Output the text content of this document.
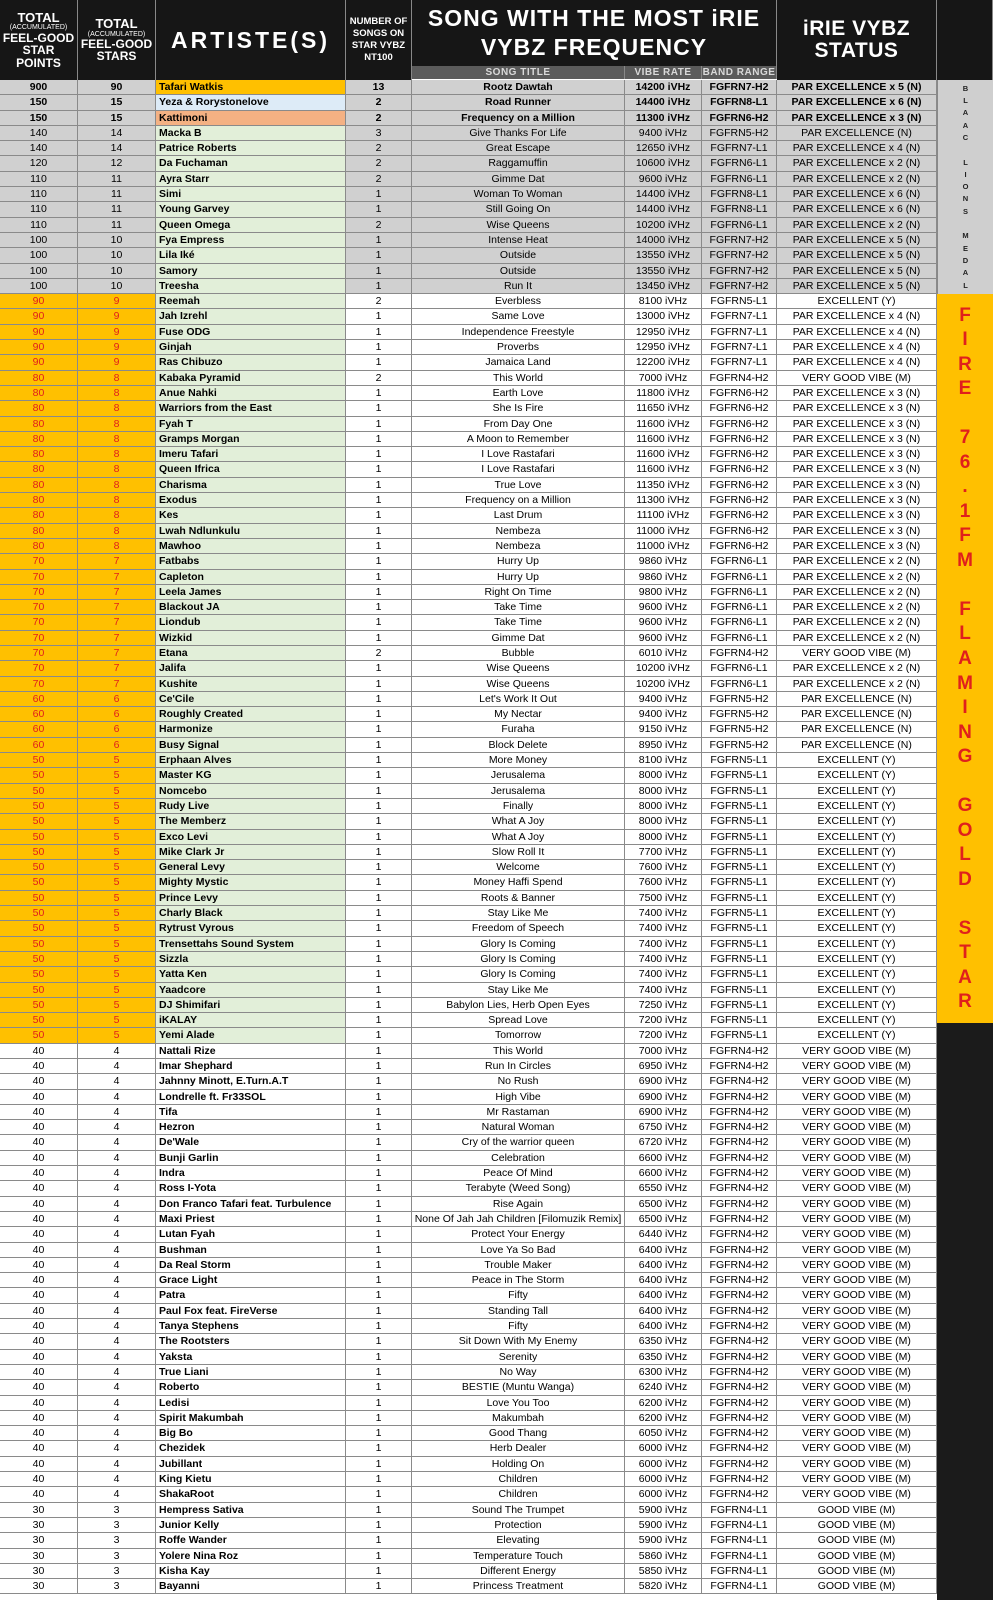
TOTAL
(ACCUMULATED)
FEEL-GOOD
STAR POINTS
TOTAL
(ACCUMULATED)
FEEL-GOOD
STARS
ARTISTE(S)
NUMBER OF
SONGS ON
STAR VYBZ
NT100
SONG WITH THE MOST iRIE
VYBZ FREQUENCY
SONG TITLE	VIBE RATE	BAND RANGE
iRIE VYBZ STATUS
900	90	Tafari Watkis	13	Rootz Dawtah	14200 iVHz	FGFRN7-H2	PAR EXCELLENCE x 5 (N)
150	15	Yeza & Rorystonelove	2	Road Runner	14400 iVHz	FGFRN8-L1	PAR EXCELLENCE x 6 (N)
150	15	Kattimoni	2	Frequency on a Million	11300 iVHz	FGFRN6-H2	PAR EXCELLENCE x 3 (N)
140	14	Macka B	3	Give Thanks For Life	9400 iVHz	FGFRN5-H2	PAR EXCELLENCE (N)
140	14	Patrice Roberts	2	Great Escape	12650 iVHz	FGFRN7-L1	PAR EXCELLENCE x 4 (N)
120	12	Da Fuchaman	2	Raggamuffin	10600 iVHz	FGFRN6-L1	PAR EXCELLENCE x 2 (N)
110	11	Ayra Starr	2	Gimme Dat	9600 iVHz	FGFRN6-L1	PAR EXCELLENCE x 2 (N)
110	11	Simi	1	Woman To Woman	14400 iVHz	FGFRN8-L1	PAR EXCELLENCE x 6 (N)
110	11	Young Garvey	1	Still Going On	14400 iVHz	FGFRN8-L1	PAR EXCELLENCE x 6 (N)
110	11	Queen Omega	2	Wise Queens	10200 iVHz	FGFRN6-L1	PAR EXCELLENCE x 2 (N)
100	10	Fya Empress	1	Intense Heat	14000 iVHz	FGFRN7-H2	PAR EXCELLENCE x 5 (N)
100	10	Lila Iké	1	Outside	13550 iVHz	FGFRN7-H2	PAR EXCELLENCE x 5 (N)
100	10	Samory	1	Outside	13550 iVHz	FGFRN7-H2	PAR EXCELLENCE x 5 (N)
100	10	Treesha	1	Run It	13450 iVHz	FGFRN7-H2	PAR EXCELLENCE x 5 (N)
90	9	Reemah	2	Everbless	8100 iVHz	FGFRN5-L1	EXCELLENT (Y)
90	9	Jah Izrehl	1	Same Love	13000 iVHz	FGFRN7-L1	PAR EXCELLENCE x 4 (N)
90	9	Fuse ODG	1	Independence Freestyle	12950 iVHz	FGFRN7-L1	PAR EXCELLENCE x 4 (N)
90	9	Ginjah	1	Proverbs	12950 iVHz	FGFRN7-L1	PAR EXCELLENCE x 4 (N)
90	9	Ras Chibuzo	1	Jamaica Land	12200 iVHz	FGFRN7-L1	PAR EXCELLENCE x 4 (N)
80	8	Kabaka Pyramid	2	This World	7000 iVHz	FGFRN4-H2	VERY GOOD VIBE (M)
80	8	Anue Nahki	1	Earth Love	11800 iVHz	FGFRN6-H2	PAR EXCELLENCE x 3 (N)
80	8	Warriors from the East	1	She Is Fire	11650 iVHz	FGFRN6-H2	PAR EXCELLENCE x 3 (N)
80	8	Fyah T	1	From Day One	11600 iVHz	FGFRN6-H2	PAR EXCELLENCE x 3 (N)
80	8	Gramps Morgan	1	A Moon to Remember	11600 iVHz	FGFRN6-H2	PAR EXCELLENCE x 3 (N)
80	8	Imeru Tafari	1	I Love Rastafari	11600 iVHz	FGFRN6-H2	PAR EXCELLENCE x 3 (N)
80	8	Queen Ifrica	1	I Love Rastafari	11600 iVHz	FGFRN6-H2	PAR EXCELLENCE x 3 (N)
80	8	Charisma	1	True Love	11350 iVHz	FGFRN6-H2	PAR EXCELLENCE x 3 (N)
80	8	Exodus	1	Frequency on a Million	11300 iVHz	FGFRN6-H2	PAR EXCELLENCE x 3 (N)
80	8	Kes	1	Last Drum	11100 iVHz	FGFRN6-H2	PAR EXCELLENCE x 3 (N)
80	8	Lwah Ndlunkulu	1	Nembeza	11000 iVHz	FGFRN6-H2	PAR EXCELLENCE x 3 (N)
80	8	Mawhoo	1	Nembeza	11000 iVHz	FGFRN6-H2	PAR EXCELLENCE x 3 (N)
70	7	Fatbabs	1	Hurry Up	9860 iVHz	FGFRN6-L1	PAR EXCELLENCE x 2 (N)
70	7	Capleton	1	Hurry Up	9860 iVHz	FGFRN6-L1	PAR EXCELLENCE x 2 (N)
70	7	Leela James	1	Right On Time	9800 iVHz	FGFRN6-L1	PAR EXCELLENCE x 2 (N)
70	7	Blackout JA	1	Take Time	9600 iVHz	FGFRN6-L1	PAR EXCELLENCE x 2 (N)
70	7	Liondub	1	Take Time	9600 iVHz	FGFRN6-L1	PAR EXCELLENCE x 2 (N)
70	7	Wizkid	1	Gimme Dat	9600 iVHz	FGFRN6-L1	PAR EXCELLENCE x 2 (N)
70	7	Etana	2	Bubble	6010 iVHz	FGFRN4-H2	VERY GOOD VIBE (M)
70	7	Jalifa	1	Wise Queens	10200 iVHz	FGFRN6-L1	PAR EXCELLENCE x 2 (N)
70	7	Kushite	1	Wise Queens	10200 iVHz	FGFRN6-L1	PAR EXCELLENCE x 2 (N)
60	6	Ce'Cile	1	Let's Work It Out	9400 iVHz	FGFRN5-H2	PAR EXCELLENCE (N)
60	6	Roughly Created	1	My Nectar	9400 iVHz	FGFRN5-H2	PAR EXCELLENCE (N)
60	6	Harmonize	1	Furaha	9150 iVHz	FGFRN5-H2	PAR EXCELLENCE (N)
60	6	Busy Signal	1	Block Delete	8950 iVHz	FGFRN5-H2	PAR EXCELLENCE (N)
50	5	Erphaan Alves	1	More Money	8100 iVHz	FGFRN5-L1	EXCELLENT (Y)
50	5	Master KG	1	Jerusalema	8000 iVHz	FGFRN5-L1	EXCELLENT (Y)
50	5	Nomcebo	1	Jerusalema	8000 iVHz	FGFRN5-L1	EXCELLENT (Y)
50	5	Rudy Live	1	Finally	8000 iVHz	FGFRN5-L1	EXCELLENT (Y)
50	5	The Memberz	1	What A Joy	8000 iVHz	FGFRN5-L1	EXCELLENT (Y)
50	5	Exco Levi	1	What A Joy	8000 iVHz	FGFRN5-L1	EXCELLENT (Y)
50	5	Mike Clark Jr	1	Slow Roll It	7700 iVHz	FGFRN5-L1	EXCELLENT (Y)
50	5	General Levy	1	Welcome	7600 iVHz	FGFRN5-L1	EXCELLENT (Y)
50	5	Mighty Mystic	1	Money Haffi Spend	7600 iVHz	FGFRN5-L1	EXCELLENT (Y)
50	5	Prince Levy	1	Roots & Banner	7500 iVHz	FGFRN5-L1	EXCELLENT (Y)
50	5	Charly Black	1	Stay Like Me	7400 iVHz	FGFRN5-L1	EXCELLENT (Y)
50	5	Rytrust Vyrous	1	Freedom of Speech	7400 iVHz	FGFRN5-L1	EXCELLENT (Y)
50	5	Trensettahs Sound System	1	Glory Is Coming	7400 iVHz	FGFRN5-L1	EXCELLENT (Y)
50	5	Sizzla	1	Glory Is Coming	7400 iVHz	FGFRN5-L1	EXCELLENT (Y)
50	5	Yatta Ken	1	Glory Is Coming	7400 iVHz	FGFRN5-L1	EXCELLENT (Y)
50	5	Yaadcore	1	Stay Like Me	7400 iVHz	FGFRN5-L1	EXCELLENT (Y)
50	5	DJ Shimifari	1	Babylon Lies, Herb Open Eyes	7250 iVHz	FGFRN5-L1	EXCELLENT (Y)
50	5	iKALAY	1	Spread Love	7200 iVHz	FGFRN5-L1	EXCELLENT (Y)
50	5	Yemi Alade	1	Tomorrow	7200 iVHz	FGFRN5-L1	EXCELLENT (Y)
40	4	Nattali Rize	1	This World	7000 iVHz	FGFRN4-H2	VERY GOOD VIBE (M)
40	4	Imar Shephard	1	Run In Circles	6950 iVHz	FGFRN4-H2	VERY GOOD VIBE (M)
40	4	Jahnny Minott, E.Turn.A.T	1	No Rush	6900 iVHz	FGFRN4-H2	VERY GOOD VIBE (M)
40	4	Londrelle ft. Fr33SOL	1	High Vibe	6900 iVHz	FGFRN4-H2	VERY GOOD VIBE (M)
40	4	Tifa	1	Mr Rastaman	6900 iVHz	FGFRN4-H2	VERY GOOD VIBE (M)
40	4	Hezron	1	Natural Woman	6750 iVHz	FGFRN4-H2	VERY GOOD VIBE (M)
40	4	De'Wale	1	Cry of the warrior queen	6720 iVHz	FGFRN4-H2	VERY GOOD VIBE (M)
40	4	Bunji Garlin	1	Celebration	6600 iVHz	FGFRN4-H2	VERY GOOD VIBE (M)
40	4	Indra	1	Peace Of Mind	6600 iVHz	FGFRN4-H2	VERY GOOD VIBE (M)
40	4	Ross I-Yota	1	Terabyte (Weed Song)	6550 iVHz	FGFRN4-H2	VERY GOOD VIBE (M)
40	4	Don Franco Tafari feat. Turbulence	1	Rise Again	6500 iVHz	FGFRN4-H2	VERY GOOD VIBE (M)
40	4	Maxi Priest	1	None Of Jah Jah Children [Filomuzik Remix]	6500 iVHz	FGFRN4-H2	VERY GOOD VIBE (M)
40	4	Lutan Fyah	1	Protect Your Energy	6440 iVHz	FGFRN4-H2	VERY GOOD VIBE (M)
40	4	Bushman	1	Love Ya So Bad	6400 iVHz	FGFRN4-H2	VERY GOOD VIBE (M)
40	4	Da Real Storm	1	Trouble Maker	6400 iVHz	FGFRN4-H2	VERY GOOD VIBE (M)
40	4	Grace Light	1	Peace in The Storm	6400 iVHz	FGFRN4-H2	VERY GOOD VIBE (M)
40	4	Patra	1	Fifty	6400 iVHz	FGFRN4-H2	VERY GOOD VIBE (M)
40	4	Paul Fox feat. FireVerse	1	Standing Tall	6400 iVHz	FGFRN4-H2	VERY GOOD VIBE (M)
40	4	Tanya Stephens	1	Fifty	6400 iVHz	FGFRN4-H2	VERY GOOD VIBE (M)
40	4	The Rootsters	1	Sit Down With My Enemy	6350 iVHz	FGFRN4-H2	VERY GOOD VIBE (M)
40	4	Yaksta	1	Serenity	6350 iVHz	FGFRN4-H2	VERY GOOD VIBE (M)
40	4	True Liani	1	No Way	6300 iVHz	FGFRN4-H2	VERY GOOD VIBE (M)
40	4	Roberto	1	BESTIE (Muntu Wanga)	6240 iVHz	FGFRN4-H2	VERY GOOD VIBE (M)
40	4	Ledisi	1	Love You Too	6200 iVHz	FGFRN4-H2	VERY GOOD VIBE (M)
40	4	Spirit Makumbah	1	Makumbah	6200 iVHz	FGFRN4-H2	VERY GOOD VIBE (M)
40	4	Big Bo	1	Good Thang	6050 iVHz	FGFRN4-H2	VERY GOOD VIBE (M)
40	4	Chezidek	1	Herb Dealer	6000 iVHz	FGFRN4-H2	VERY GOOD VIBE (M)
40	4	Jubillant	1	Holding On	6000 iVHz	FGFRN4-H2	VERY GOOD VIBE (M)
40	4	King Kietu	1	Children	6000 iVHz	FGFRN4-H2	VERY GOOD VIBE (M)
40	4	ShakaRoot	1	Children	6000 iVHz	FGFRN4-H2	VERY GOOD VIBE (M)
30	3	Hempress Sativa	1	Sound The Trumpet	5900 iVHz	FGFRN4-L1	GOOD VIBE (M)
30	3	Junior Kelly	1	Protection	5900 iVHz	FGFRN4-L1	GOOD VIBE (M)
30	3	Roffe Wander	1	Elevating	5900 iVHz	FGFRN4-L1	GOOD VIBE (M)
30	3	Yolere Nina Roz	1	Temperature Touch	5860 iVHz	FGFRN4-L1	GOOD VIBE (M)
30	3	Kisha Kay	1	Different Energy	5850 iVHz	FGFRN4-L1	GOOD VIBE (M)
30	3	Bayanni	1	Princess Treatment	5820 iVHz	FGFRN4-L1	GOOD VIBE (M)
B
L
A
A
C

L
I
O
N
S

M
E
D
A
L
F
I
R
E

7
6
.
1
F
M

F
L
A
M
I
N
G

G
O
L
D

S
T
A
R
